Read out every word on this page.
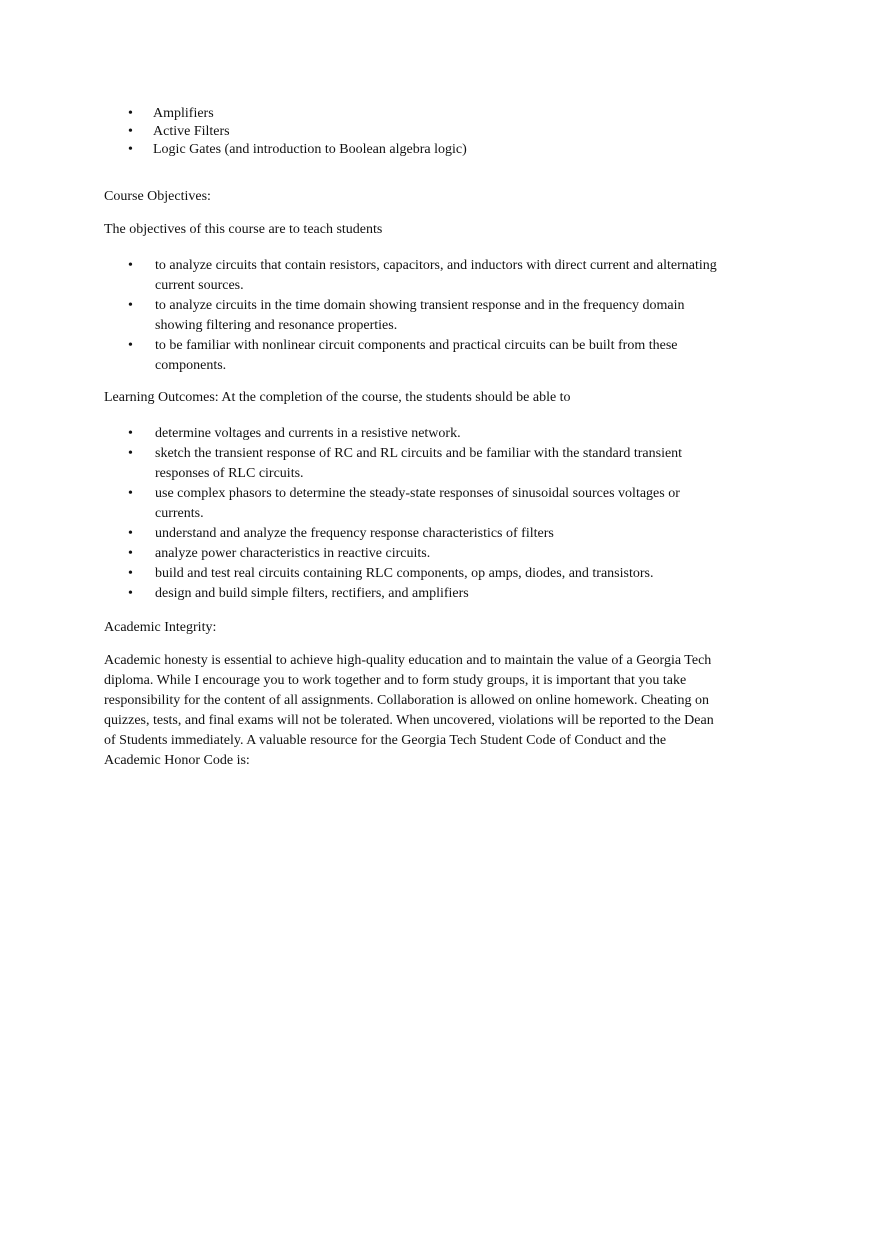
• Amplifiers
• Active Filters
• Logic Gates (and introduction to Boolean algebra logic)

Course Objectives:

The objectives of this course are to teach students

• to analyze circuits that contain resistors, capacitors, and inductors with direct current and alternating current sources.
• to analyze circuits in the time domain showing transient response and in the frequency domain showing filtering and resonance properties.
• to be familiar with nonlinear circuit components and practical circuits can be built from these components.

Learning Outcomes: At the completion of the course, the students should be able to

• determine voltages and currents in a resistive network.
• sketch the transient response of RC and RL circuits and be familiar with the standard transient responses of RLC circuits.
• use complex phasors to determine the steady-state responses of sinusoidal sources voltages or currents.
• understand and analyze the frequency response characteristics of filters
• analyze power characteristics in reactive circuits.
• build and test real circuits containing RLC components, op amps, diodes, and transistors.
• design and build simple filters, rectifiers, and amplifiers

Academic Integrity:

Academic honesty is essential to achieve high-quality education and to maintain the value of a Georgia Tech diploma. While I encourage you to work together and to form study groups, it is important that you take responsibility for the content of all assignments. Collaboration is allowed on online homework. Cheating on quizzes, tests, and final exams will not be tolerated. When uncovered, violations will be reported to the Dean of Students immediately. A valuable resource for the Georgia Tech Student Code of Conduct and the Academic Honor Code is:
